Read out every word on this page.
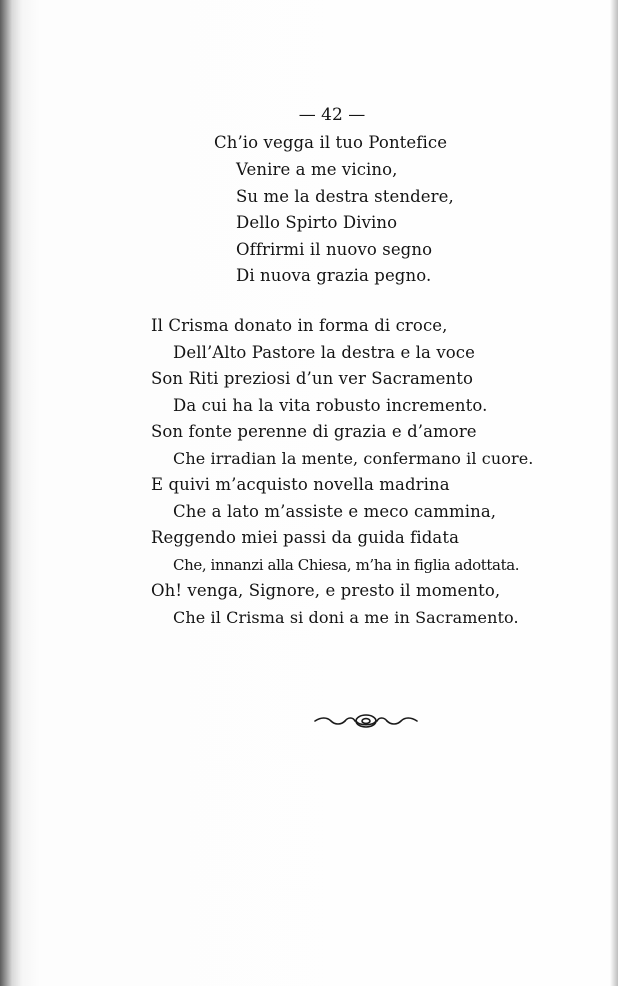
— 42 —
Ch’io vegga il tuo Pontefice
Venire a me vicino,
Su me la destra stendere,
Dello Spirto Divino
Offrirmi il nuovo segno
Di nuova grazia pegno.
Il Crisma donato in forma di croce,
Dell’Alto Pastore la destra e la voce
Son Riti preziosi d’un ver Sacramento
Da cui ha la vita robusto incremento.
Son fonte perenne di grazia e d’amore
Che irradian la mente, confermano il cuore.
E quivi m’acquisto novella madrina
Che a lato m’assiste e meco cammina,
Reggendo miei passi da guida fidata
Che, innanzi alla Chiesa, m’ha in figlia adottata.
Oh! venga, Signore, e presto il momento,
Che il Crisma si doni a me in Sacramento.
